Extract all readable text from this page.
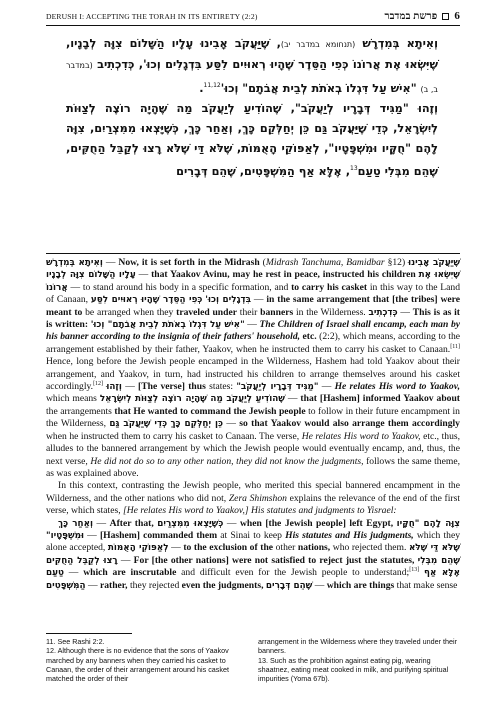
DERUSH I: ACCEPTING THE TORAH IN ITS ENTIRETY (2:2)	פרשת במדבר 6

וְאִיתָא בְּמִדְרָשׁ (תנחומא במדבר יב), שֶׁיַּעֲקֹב אָבִינוּ עָלָיו הַשָּׁלוֹם צִוָּה לְבָנָיו, שֶׁיִּשְׂאוּ אֶת אֲרוֹנוֹ כְּפִי הַסֵּדֶר שֶׁהָיוּ רְאוּיִים לִסַּע בִּדְגָלִים וְכוּ', כְּדִכְתִיב (במדבר ב, ב) "אִישׁ עַל דִּגְלוֹ בְאֹתֹת לְבֵית אֲבֹתָם" וְכוּ'$^{11,12}$.

וְזֶהוּ "מַגִּיד דְּבָרָיו לְיַעֲקֹב", שֶׁהוֹדִיעַ לְיַעֲקֹב מַה שֶּׁהָיָה רוֹצֶה לְצַוּוֹת לְיִשְׂרָאֵל, כְּדֵי שֶׁיַּעֲקֹב גַּם כֵּן יְחַלְּקֵם כָּךְ, וְאַחַר כָּךְ, כְּשֶׁיָּצְאוּ מִמִּצְרַיִם, צִוָּה לָהֶם "חֻקָּיו וּמִשְׁפָּטָיו", לְאַפּוֹקֵי הָאֻמּוֹת, שֶׁלֹּא דַּי שֶׁלֹּא רָצוּ לְקַבֵּל הַחֻקִּים, שֶׁהֵם מִבְּלִי טַעַם$^{13}$, אֶלָּא אַף הַמִּשְׁפָּטִים, שֶׁהֵם דְּבָרִים

וְאִיתָא בְּמִדְרָשׁ — Now, it is set forth in the Midrash (Midrash Tanchuma, Bamidbar §12) שֶׁיַּעֲקֹב אָבִינוּ עָלָיו הַשָּׁלוֹם צִוָּה לְבָנָיו — that Yaakov Avinu, may he rest in peace, instructed his children שֶׁיִּשְׂאוּ אֶת אֲרוֹנוֹ — to stand around his body in a specific formation, and to carry his casket in this way to the Land of Canaan, כְּפִי הַסֵּדֶר שֶׁהָיוּ רְאוּיִים לִסַּע בִּדְגָלִים וְכוּ' — in the same arrangement that [the tribes] were meant to be arranged when they traveled under their banners in the Wilderness. כְּדִכְתִיב — This is as it is written: "אִישׁ עַל דִּגְלוֹ בְאֹתֹת לְבֵית אֲבֹתָם" וְכוּ' — The Children of Israel shall encamp, each man by his banner according to the insignia of their fathers' household, etc. (2:2), which means, according to the arrangement established by their father, Yaakov, when he instructed them to carry his casket to Canaan.[11] Hence, long before the Jewish people encamped in the Wilderness, Hashem had told Yaakov about their arrangement, and Yaakov, in turn, had instructed his children to arrange themselves around his casket accordingly.[12] וְזֶהוּ — [The verse] thus states: "מַגִּיד דְּבָרָיו לְיַעֲקֹב" — He relates His word to Yaakov, which means שֶׁהוֹדִיעַ לְיַעֲקֹב מַה שֶּׁהָיָה רוֹצֶה לְצַוּוֹת לְיִשְׂרָאֵל — that [Hashem] informed Yaakov about the arrangements that He wanted to command the Jewish people to follow in their future encampment in the Wilderness, כְּדֵי שֶׁיַּעֲקֹב גַּם כֵּן יְחַלְּקֵם כָּךְ — so that Yaakov would also arrange them accordingly when he instructed them to carry his casket to Canaan. The verse, He relates His word to Yaakov, etc., thus, alludes to the bannered arrangement by which the Jewish people would eventually encamp, and, thus, the next verse, He did not do so to any other nation, they did not know the judgments, follows the same theme, as was explained above.

In this context, contrasting the Jewish people, who merited this special bannered encampment in the Wilderness, and the other nations who did not, Zera Shimshon explains the relevance of the end of the first verse, which states, [He relates His word to Yaakov,] His statutes and judgments to Yisrael:

וְאַחַר כָּךְ — After that, כְּשֶׁיָּצְאוּ מִמִּצְרַיִם — when [the Jewish people] left Egypt, צִוָּה לָהֶם "חֻקָּיו וּמִשְׁפָּטָיו" — [Hashem] commanded them at Sinai to keep His statutes and His judgments, which they alone accepted, לְאַפּוֹקֵי הָאֻמּוֹת — to the exclusion of the other nations, who rejected them. שֶׁלֹּא דַּי שֶׁלֹּא רָצוּ לְקַבֵּל הַחֻקִּים — For [the other nations] were not satisfied to reject just the statutes, שֶׁהֵם מִבְּלִי טַעַם — which are inscrutable and difficult even for the Jewish people to understand;[13] אֶלָּא אַף הַמִּשְׁפָּטִים — rather, they rejected even the judgments, שֶׁהֵם דְּבָרִים — which are things that make sense

11. See Rashi 2:2.

12. Although there is no evidence that the sons of Yaakov marched by any banners when they carried his casket to Canaan, the order of their arrangement around his casket matched the order of their

arrangement in the Wilderness where they traveled under their banners.

13. Such as the prohibition against eating pig, wearing shaatnez, eating meat cooked in milk, and purifying spiritual impurities (Yoma 67b).
